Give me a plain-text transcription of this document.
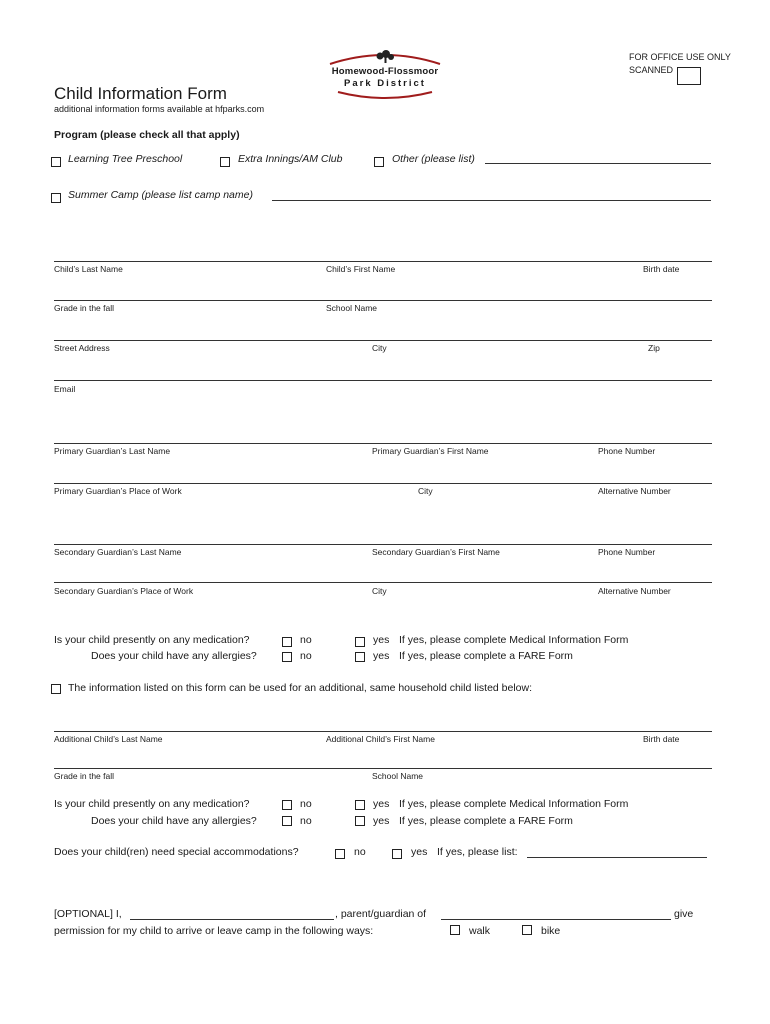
FOR OFFICE USE ONLY
SCANNED
Homewood-Flossmoor
Park District
Child Information Form
additional information forms available at hfparks.com
Program (please check all that apply)
Learning Tree Preschool	Extra Innings/AM Club	Other (please list)
Summer Camp (please list camp name)
Child’s Last Name	Child’s First Name	Birth date
Grade in the fall	School Name
Street Address	City	Zip
Email
Primary Guardian’s Last Name	Primary Guardian’s First Name	Phone Number
Primary Guardian’s Place of Work	City	Alternative Number
Secondary Guardian’s Last Name	Secondary Guardian’s First Name	Phone Number
Secondary Guardian’s Place of Work	City	Alternative Number
Is your child presently on any medication?	no	yes If yes, please complete Medical Information Form
Does your child have any allergies?	no	yes If yes, please complete a FARE Form
The information listed on this form can be used for an additional, same household child listed below:
Additional Child’s Last Name	Additional Child’s First Name	Birth date
Grade in the fall	School Name
Is your child presently on any medication?	no	yes If yes, please complete Medical Information Form
Does your child have any allergies?	no	yes If yes, please complete a FARE Form
Does your child(ren) need special accommodations?	no	yes If yes, please list:
[OPTIONAL] I,	, parent/guardian of	give
permission for my child to arrive or leave camp in the following ways:	walk	bike
